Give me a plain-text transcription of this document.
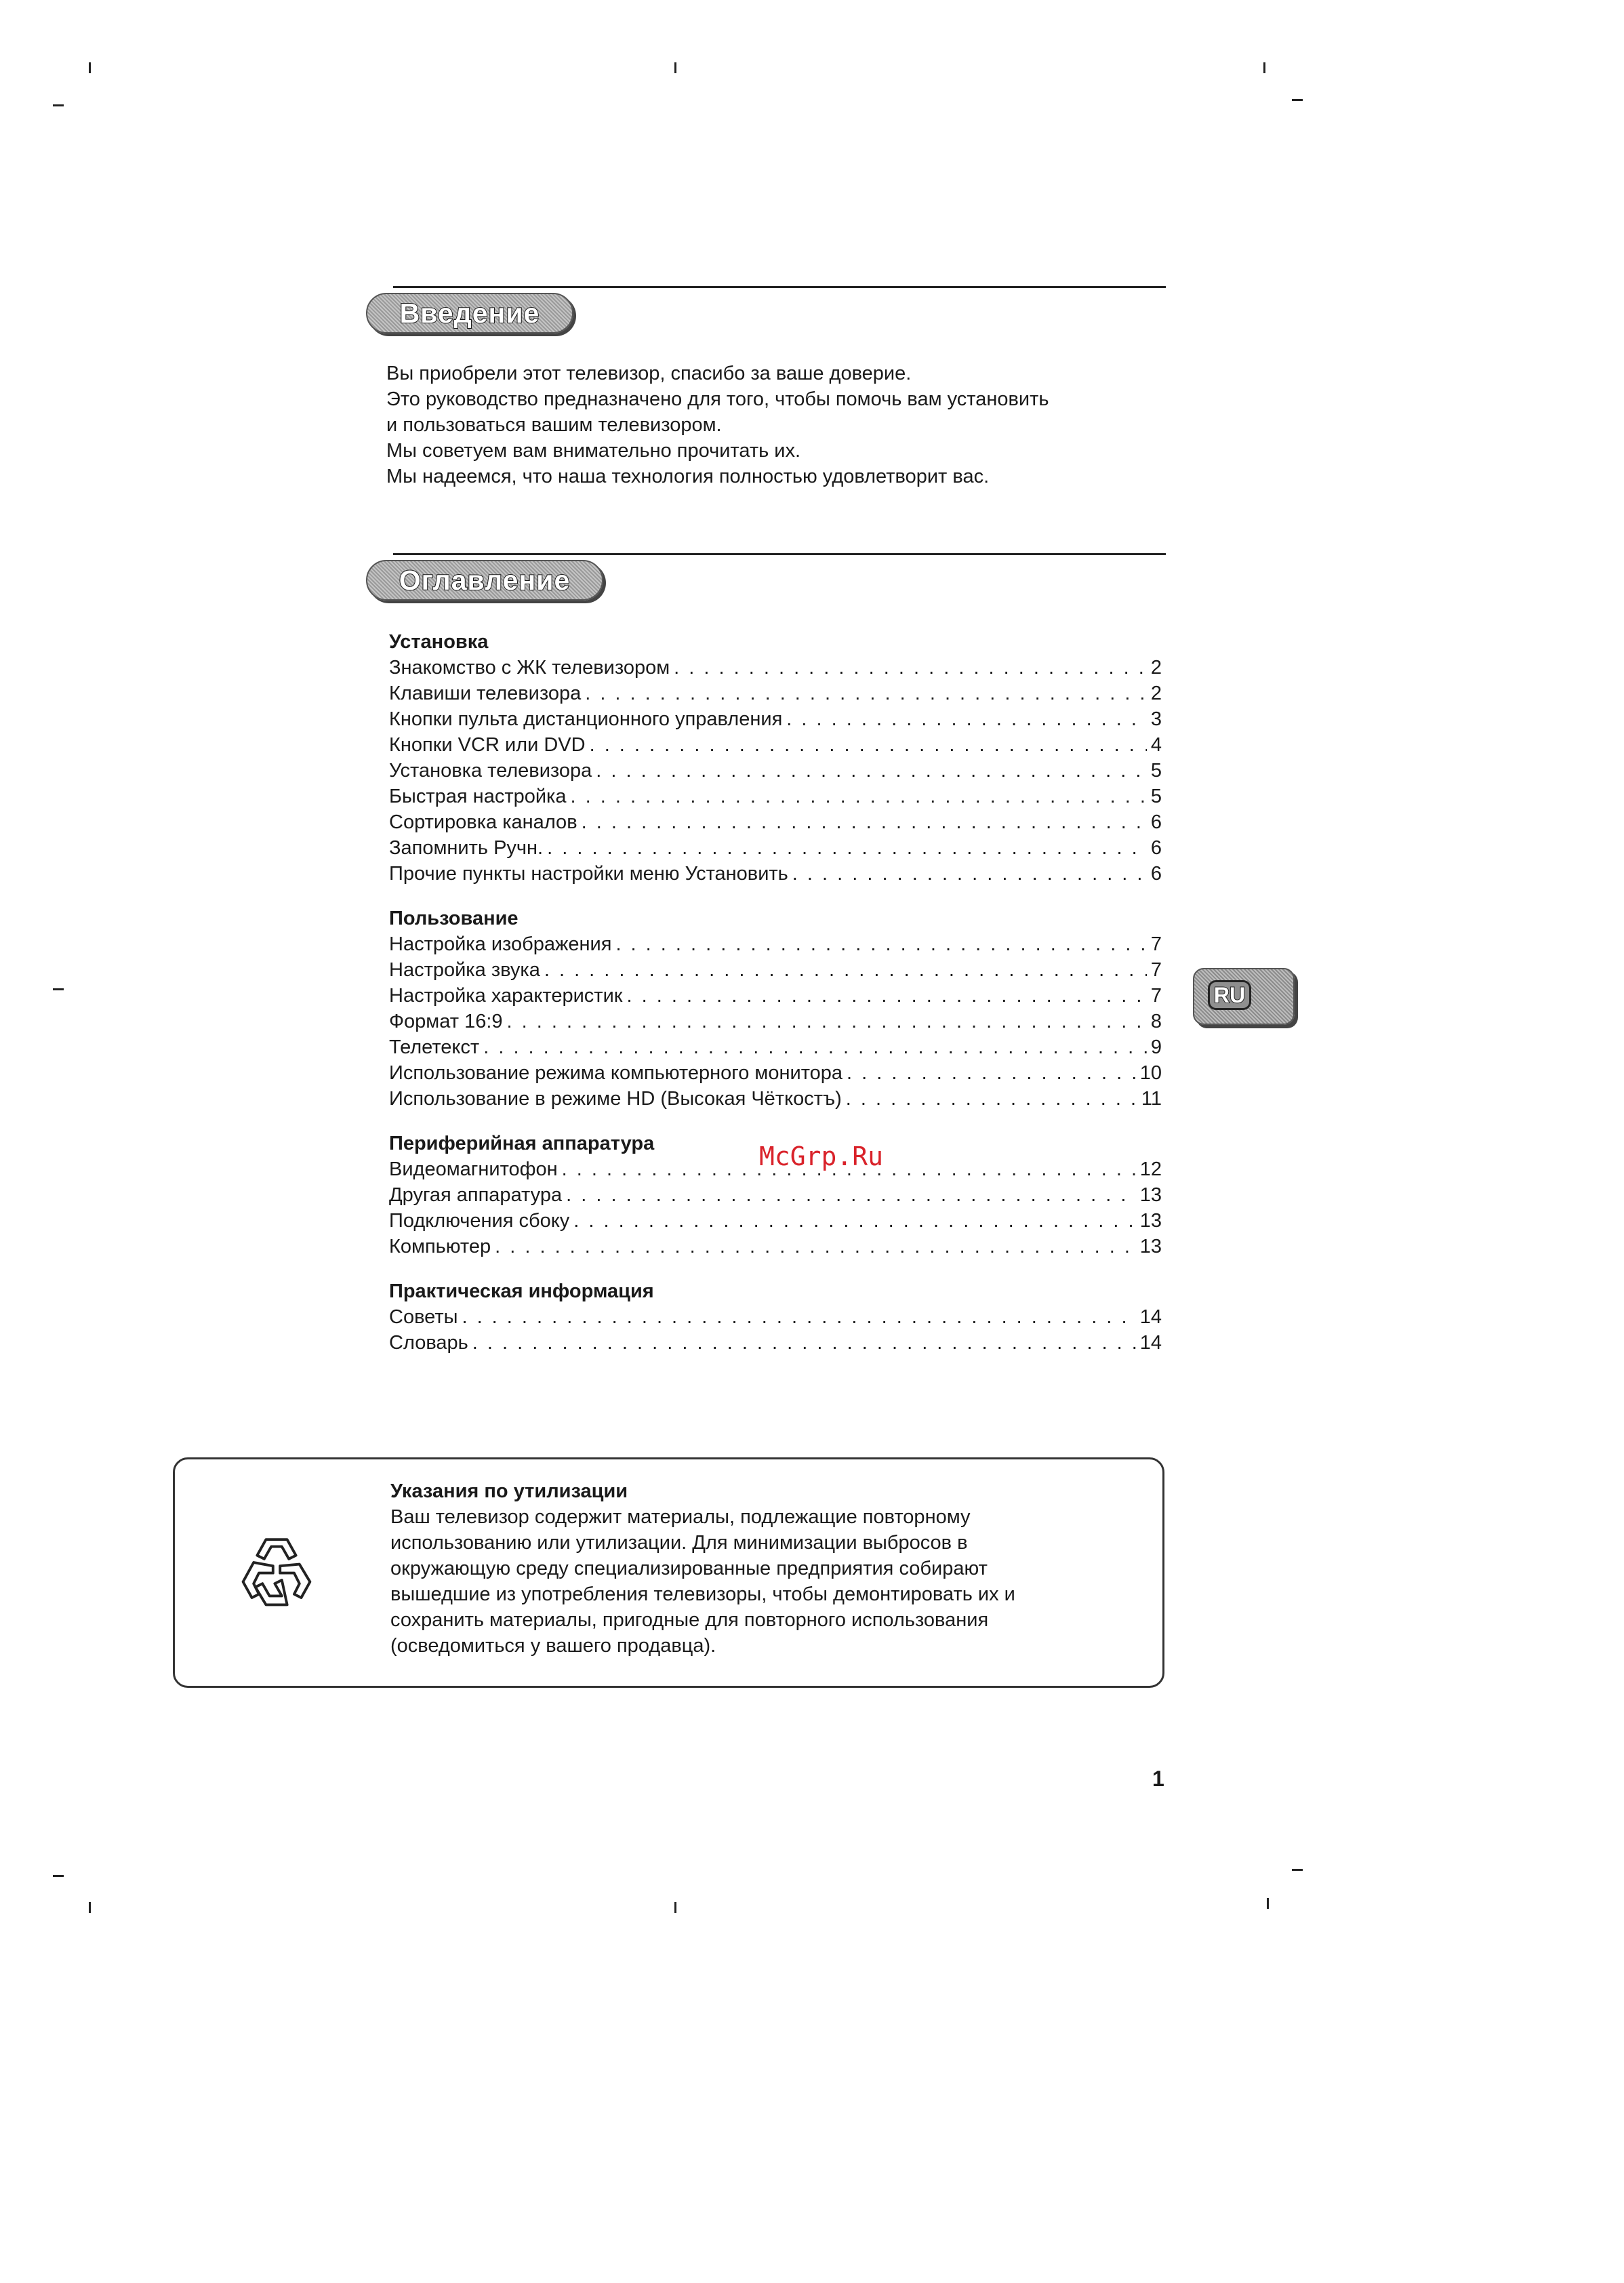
Введение
Вы приобрели этот телевизор, спасибо за ваше доверие.
Это руководство предназначено для того, чтобы помочь вам установить
и пользоваться вашим телевизором.
Мы советуем вам внимательно прочитать их.
Мы надеемся, что наша технология полностью удовлетворит вас.
Оглавление
Установка
Знакомство с ЖК телевизором . . .	2
Клавиши телевизора . . .	2
Кнопки пульта дистанционного управления . . .	3
Кнопки VCR или DVD . . .	4
Установка телевизора . . .	5
Быстрая настройка . . .	5
Сортировка каналов . . .	6
Запомнить Ручн. . . .	6
Прочие пункты настройки меню Установить . . .	6
Пользование
Настройка изображения . . .	7
Настройка звука . . .	7
Настройка характеристик . . .	7
Формат 16:9 . . .	8
Телетекст . . .	9
Использование режима компьютерного монитора . . .	10
Использование в режиме HD (Высокая Чёткостъ) . . .	11
Периферийная аппаратура
Видеомагнитофон . . .	12
Другая аппаратура . . .	13
Подключения сбоку . . .	13
Компьютер . . .	13
Практическая информация
Советы . . .	14
Словарь . . .	14
McGrp.Ru
RU
Указания по утилизации
Ваш телевизор содержит материалы, подлежащие повторному
использованию или утилизации. Для минимизации выбросов в
окружающую среду специализированные предприятия собирают
вышедшие из употребления телевизоры, чтобы демонтировать их и
сохранить материалы, пригодные для повторного использования
(осведомиться у вашего продавца).
1
